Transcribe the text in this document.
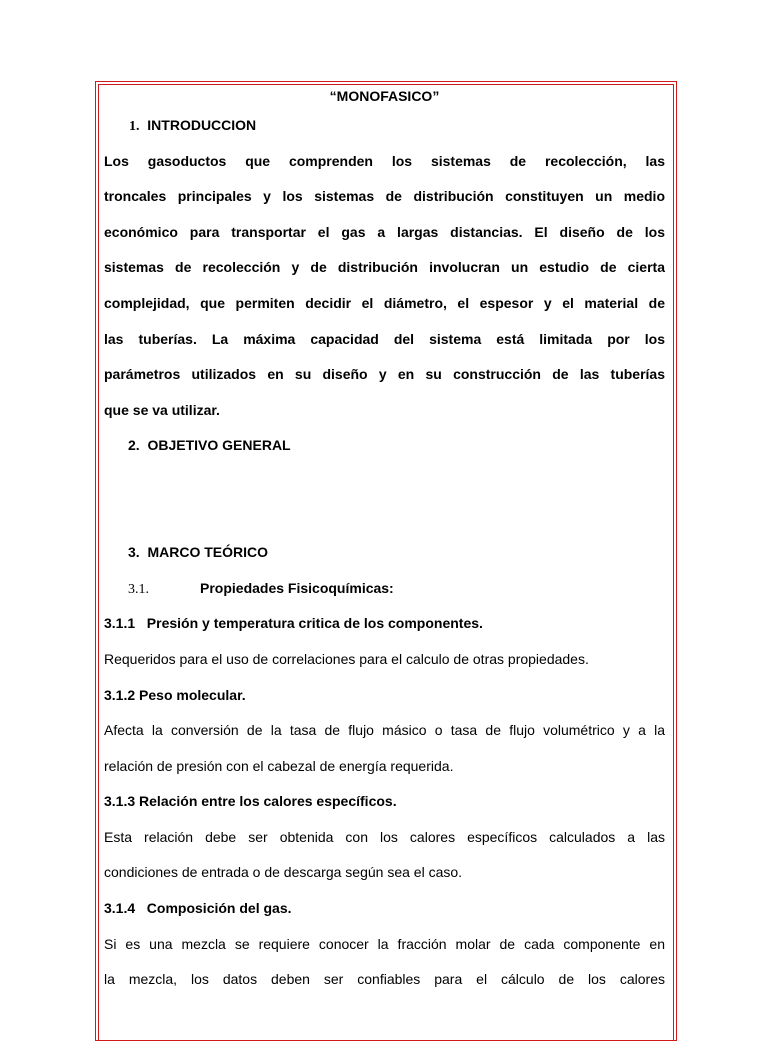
“MONOFASICO”
1. INTRODUCCION
Los gasoductos que comprenden los sistemas de recolección, las
troncales principales y los sistemas de distribución constituyen un medio
económico para transportar el gas a largas distancias. El diseño de los
sistemas de recolección y de distribución involucran un estudio de cierta
complejidad, que permiten decidir el diámetro, el espesor y el material de
las tuberías. La máxima capacidad del sistema está limitada por los
parámetros utilizados en su diseño y en su construcción de las tuberías
que se va utilizar.
2. OBJETIVO GENERAL
3. MARCO TEÓRICO
3.1.	Propiedades Fisicoquímicas:
3.1.1   Presión y temperatura critica de los componentes.
Requeridos para el uso de correlaciones para el calculo de otras propiedades.
3.1.2 Peso molecular.
Afecta la conversión de la tasa de flujo másico o tasa de flujo volumétrico y a la
relación de presión con el cabezal de energía requerida.
3.1.3 Relación entre los calores específicos.
Esta relación debe ser obtenida con los calores específicos calculados a las
condiciones de entrada o de descarga según sea el caso.
3.1.4   Composición del gas.
Si es una mezcla se requiere conocer la fracción molar de cada componente en
la mezcla, los datos deben ser confiables para el cálculo de los calores
